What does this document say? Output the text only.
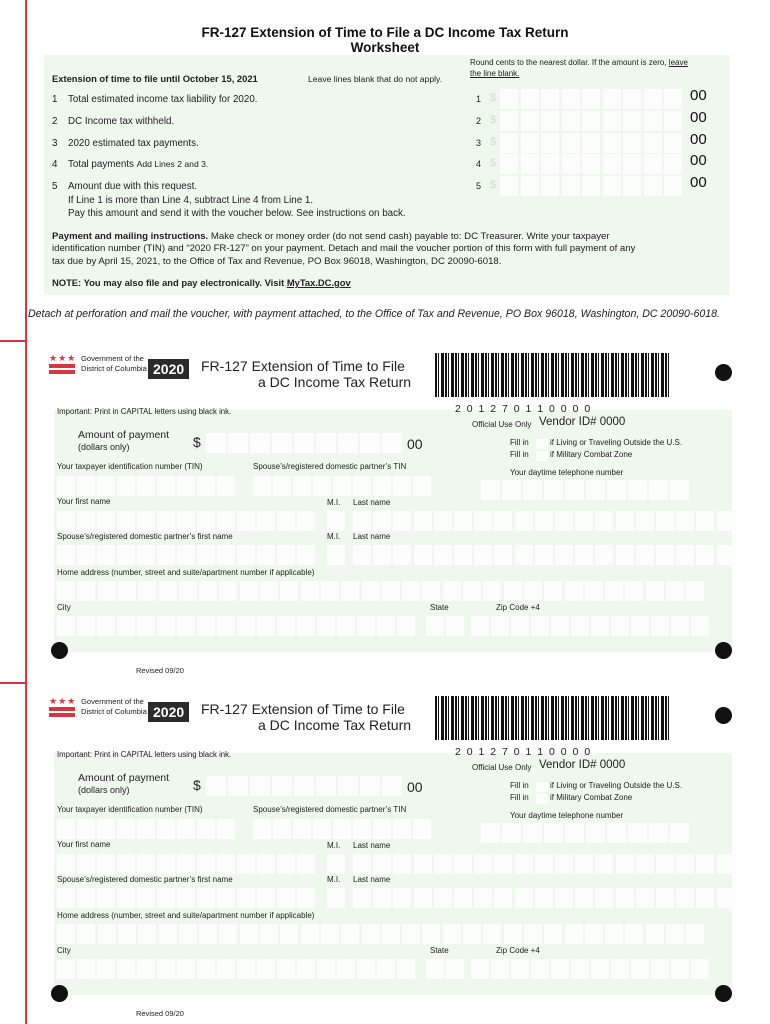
FR-127 Extension of Time to File a DC Income Tax Return
Worksheet
Round cents to the nearest dollar. If the amount is zero, leave
the line blank.
Extension of time to file until October 15, 2021	Leave lines blank that do not apply.
1 Total estimated income tax liability for 2020.	1 $	00
2 DC Income tax withheld.	2 $	00
3 2020 estimated tax payments.	3 $	00
4 Total payments Add Lines 2 and 3.	4 $	00
5 Amount due with this request.	5 $	00
If Line 1 is more than Line 4, subtract Line 4 from Line 1.
Pay this amount and send it with the voucher below. See instructions on back.
Payment and mailing instructions. Make check or money order (do not send cash) payable to: DC Treasurer. Write your taxpayer
identification number (TIN) and “2020 FR-127” on your payment. Detach and mail the voucher portion of this form with full payment of any
tax due by April 15, 2021, to the Office of Tax and Revenue, PO Box 96018, Washington, DC 20090-6018.
NOTE: You may also file and pay electronically. Visit MyTax.DC.gov
Detach at perforation and mail the voucher, with payment attached, to the Office of Tax and Revenue, PO Box 96018, Washington, DC 20090-6018.
★★★ Government of the
District of Columbia 2020	FR-127 Extension of Time to File
a DC Income Tax Return
2 0 1 2 7 0 1 1 0 0 0 0
Important: Print in CAPITAL letters using black ink.
Official Use Only Vendor ID# 0000
Amount of payment
(dollars only)	$	00	Fill in	if Living or Traveling Outside the U.S.
Fill in	if Military Combat Zone
Your taxpayer identification number (TIN)	Spouse’s/registered domestic partner’s TIN
Your daytime telephone number
Your first name	M.I. Last name
Spouse’s/registered domestic partner’s first name	M.I. Last name
Home address (number, street and suite/apartment number if applicable)
City	State	Zip Code +4
Revised 09/20
★★★ Government of the
District of Columbia 2020	FR-127 Extension of Time to File
a DC Income Tax Return
2 0 1 2 7 0 1 1 0 0 0 0
Important: Print in CAPITAL letters using black ink.
Official Use Only Vendor ID# 0000
Amount of payment
(dollars only)	$	00	Fill in	if Living or Traveling Outside the U.S.
Fill in	if Military Combat Zone
Your taxpayer identification number (TIN)	Spouse’s/registered domestic partner’s TIN
Your daytime telephone number
Your first name	M.I. Last name
Spouse’s/registered domestic partner’s first name	M.I. Last name
Home address (number, street and suite/apartment number if applicable)
City	State	Zip Code +4
Revised 09/20
